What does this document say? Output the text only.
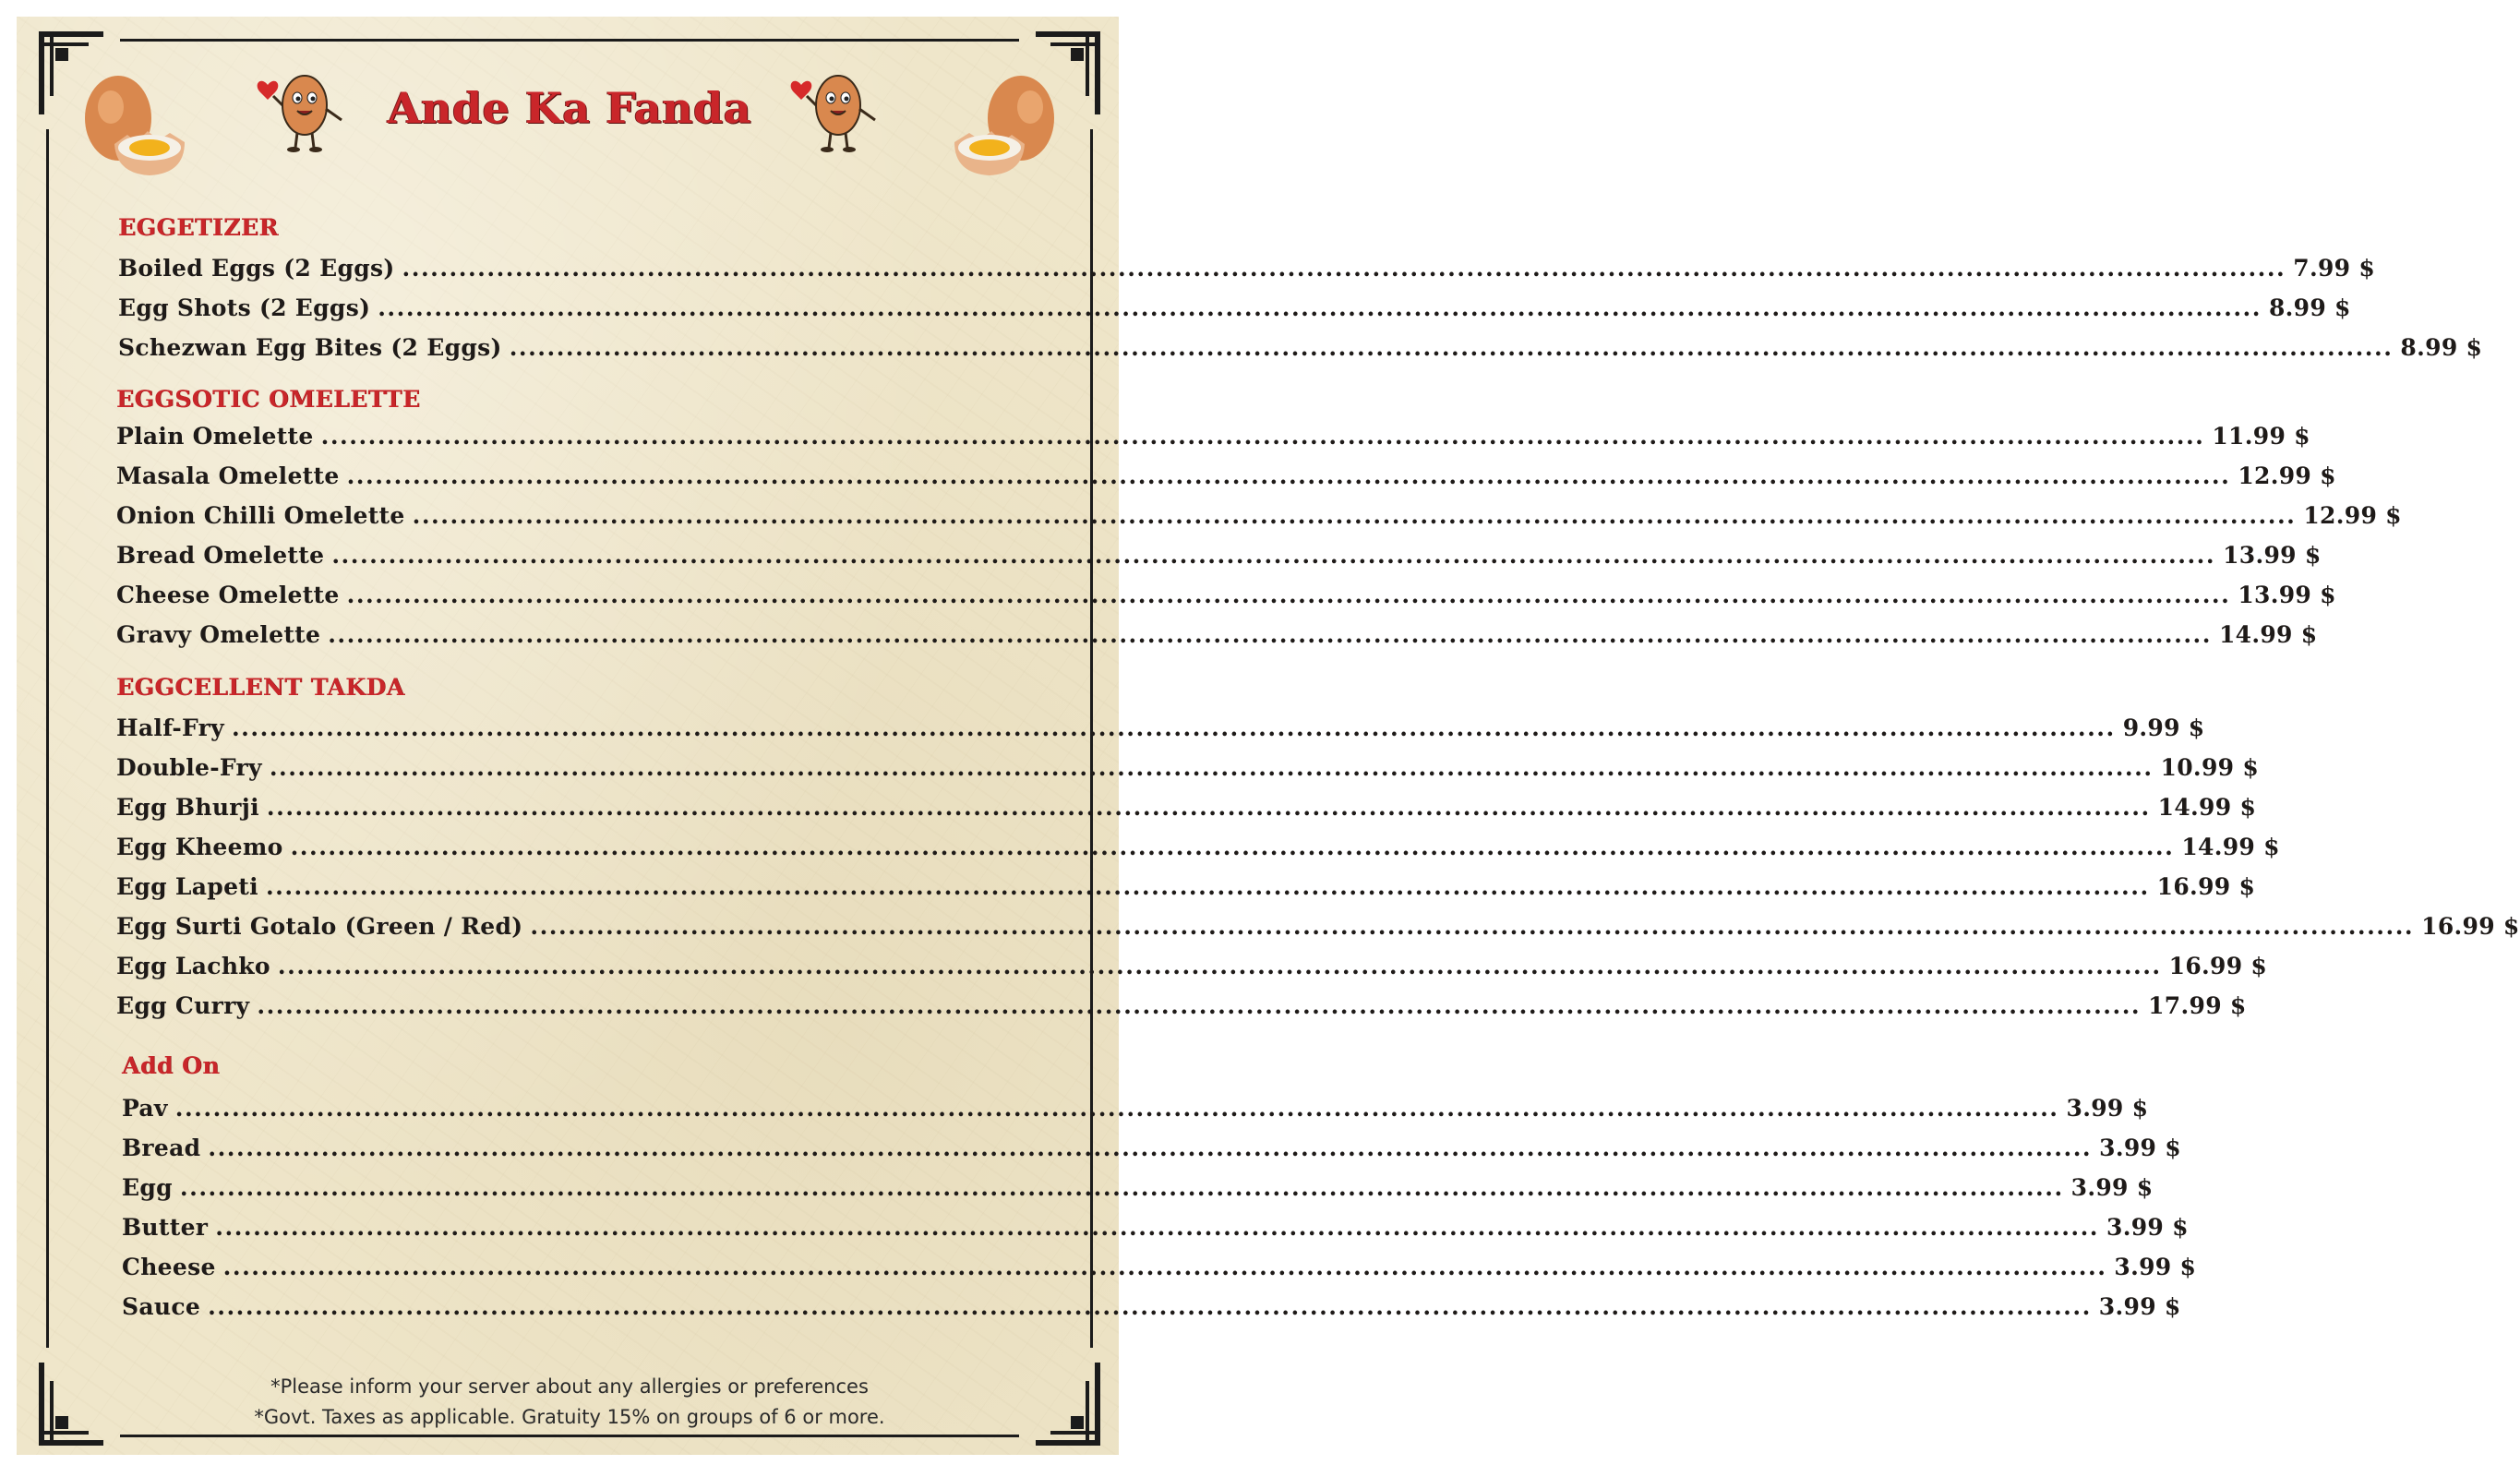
Ande Ka Fanda
EGGETIZER
Boiled Eggs (2 Eggs) ........................................................................................................................................................................................................ 7.99 $
Egg Shots (2 Eggs) ........................................................................................................................................................................................................ 8.99 $
Schezwan Egg Bites (2 Eggs) ........................................................................................................................................................................................................ 8.99 $
EGGSOTIC OMELETTE
Plain Omelette ........................................................................................................................................................................................................ 11.99 $
Masala Omelette ........................................................................................................................................................................................................ 12.99 $
Onion Chilli Omelette ........................................................................................................................................................................................................ 12.99 $
Bread Omelette ........................................................................................................................................................................................................ 13.99 $
Cheese Omelette ........................................................................................................................................................................................................ 13.99 $
Gravy Omelette ........................................................................................................................................................................................................ 14.99 $
EGGCELLENT TAKDA
Half-Fry ........................................................................................................................................................................................................ 9.99 $
Double-Fry ........................................................................................................................................................................................................ 10.99 $
Egg Bhurji ........................................................................................................................................................................................................ 14.99 $
Egg Kheemo ........................................................................................................................................................................................................ 14.99 $
Egg Lapeti ........................................................................................................................................................................................................ 16.99 $
Egg Surti Gotalo (Green / Red) ........................................................................................................................................................................................................ 16.99 $
Egg Lachko ........................................................................................................................................................................................................ 16.99 $
Egg Curry ........................................................................................................................................................................................................ 17.99 $
Add On
Pav ........................................................................................................................................................................................................ 3.99 $
Bread ........................................................................................................................................................................................................ 3.99 $
Egg ........................................................................................................................................................................................................ 3.99 $
Butter ........................................................................................................................................................................................................ 3.99 $
Cheese ........................................................................................................................................................................................................ 3.99 $
Sauce ........................................................................................................................................................................................................ 3.99 $
*Please inform your server about any allergies or preferences
*Govt. Taxes as applicable. Gratuity 15% on groups of 6 or more.
